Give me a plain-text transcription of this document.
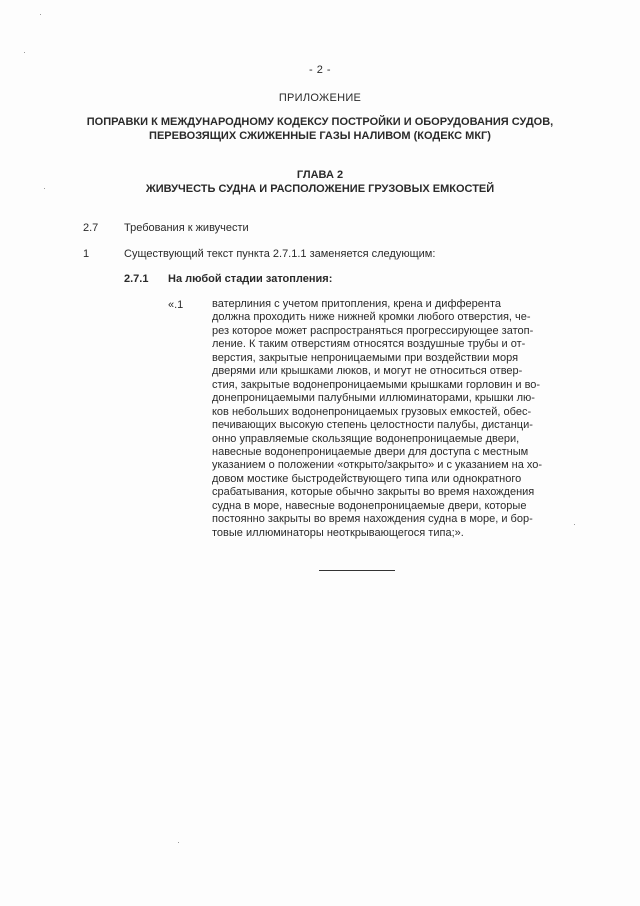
- 2 -
ПРИЛОЖЕНИЕ
ПОПРАВКИ К МЕЖДУНАРОДНОМУ КОДЕКСУ ПОСТРОЙКИ И ОБОРУДОВАНИЯ СУДОВ, ПЕРЕВОЗЯЩИХ СЖИЖЕННЫЕ ГАЗЫ НАЛИВОМ (КОДЕКС МКГ)
ГЛАВА 2
ЖИВУЧЕСТЬ СУДНА И РАСПОЛОЖЕНИЕ ГРУЗОВЫХ ЕМКОСТЕЙ
2.7 Требования к живучести
1	Существующий текст пункта 2.7.1.1 заменяется следующим:
2.7.1 На любой стадии затопления:
«.1	ватерлиния с учетом притопления, крена и дифферента
должна проходить ниже нижней кромки любого отверстия, че-
рез которое может распространяться прогрессирующее затоп-
ление. К таким отверстиям относятся воздушные трубы и от-
верстия, закрытые непроницаемыми при воздействии моря
дверями или крышками люков, и могут не относиться отвер-
стия, закрытые водонепроницаемыми крышками горловин и во-
донепроницаемыми палубными иллюминаторами, крышки лю-
ков небольших водонепроницаемых грузовых емкостей, обес-
печивающих высокую степень целостности палубы, дистанци-
онно управляемые скользящие водонепроницаемые двери,
навесные водонепроницаемые двери для доступа с местным
указанием о положении «открыто/закрыто» и с указанием на хо-
довом мостике быстродействующего типа или однократного
срабатывания, которые обычно закрыты во время нахождения
судна в море, навесные водонепроницаемые двери, которые
постоянно закрыты во время нахождения судна в море, и бор-
товые иллюминаторы неоткрывающегося типа;».
